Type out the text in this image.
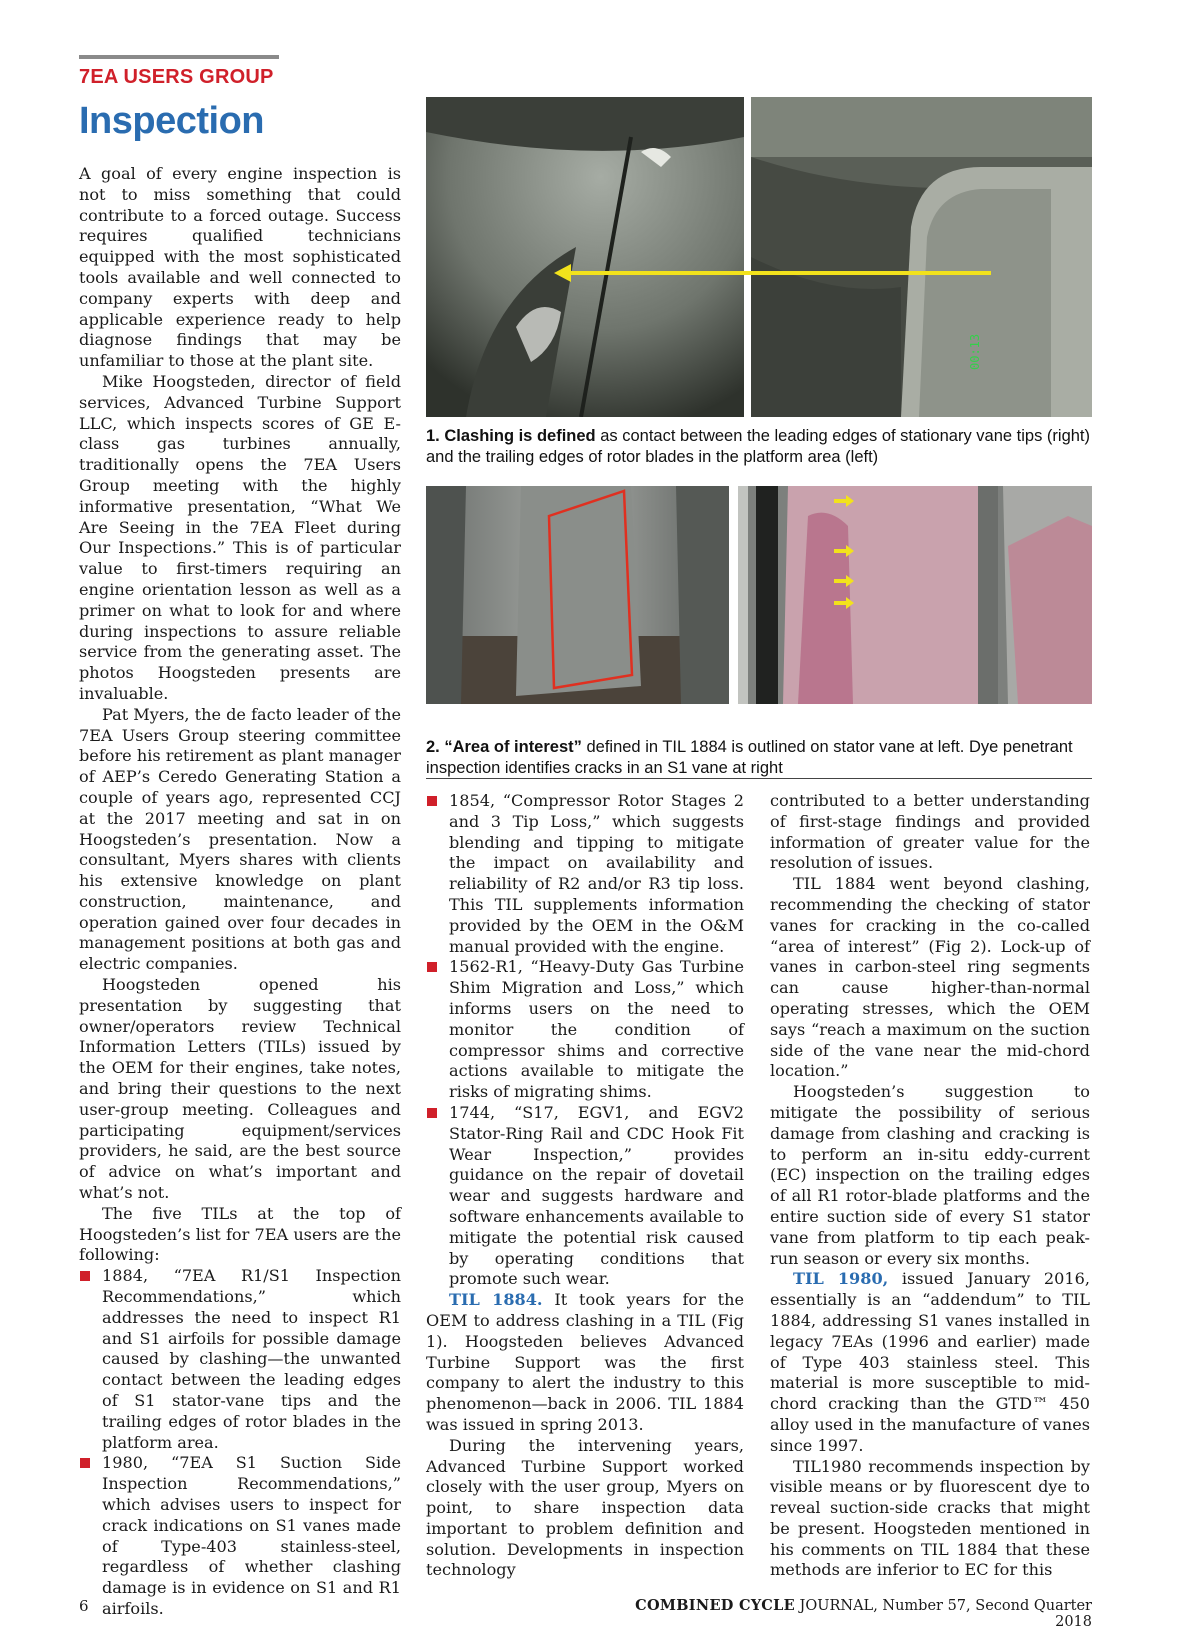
7EA USERS GROUP
Inspection

A goal of every engine inspection is not to miss something that could contribute to a forced outage. Success requires qualified technicians equipped with the most sophisticated tools available and well connected to company experts with deep and applicable experience ready to help diagnose findings that may be unfamiliar to those at the plant site.

Mike Hoogsteden, director of field services, Advanced Turbine Support LLC, which inspects scores of GE E-class gas turbines annually, traditionally opens the 7EA Users Group meeting with the highly informative presentation, “What We Are Seeing in the 7EA Fleet during Our Inspections.” This is of particular value to first-timers requiring an engine orientation lesson as well as a primer on what to look for and where during inspections to assure reliable service from the generating asset. The photos Hoogsteden presents are invaluable.

Pat Myers, the de facto leader of the 7EA Users Group steering committee before his retirement as plant manager of AEP’s Ceredo Generating Station a couple of years ago, represented CCJ at the 2017 meeting and sat in on Hoogsteden’s presentation. Now a consultant, Myers shares with clients his extensive knowledge on plant construction, maintenance, and operation gained over four decades in management positions at both gas and electric companies.

Hoogsteden opened his presentation by suggesting that owner/operators review Technical Information Letters (TILs) issued by the OEM for their engines, take notes, and bring their questions to the next user-group meeting. Colleagues and participating equipment/services providers, he said, are the best source of advice on what’s important and what’s not.

The five TILs at the top of Hoogsteden’s list for 7EA users are the following:

1884, “7EA R1/S1 Inspection Recommendations,” which addresses the need to inspect R1 and S1 airfoils for possible damage caused by clashing—the unwanted contact between the leading edges of S1 stator-vane tips and the trailing edges of rotor blades in the platform area.
1980, “7EA S1 Suction Side Inspection Recommendations,” which advises users to inspect for crack indications on S1 vanes made of Type-403 stainless-steel, regardless of whether clashing damage is in evidence on S1 and R1 airfoils.
00:13
1. Clashing is defined as contact between the leading edges of stationary vane tips (right) and the trailing edges of rotor blades in the platform area (left)
2. “Area of interest” defined in TIL 1884 is outlined on stator vane at left. Dye penetrant inspection identifies cracks in an S1 vane at right
1854, “Compressor Rotor Stages 2 and 3 Tip Loss,” which suggests blending and tipping to mitigate the impact on availability and reliability of R2 and/or R3 tip loss. This TIL supplements information provided by the OEM in the O&M manual provided with the engine.
1562-R1, “Heavy-Duty Gas Turbine Shim Migration and Loss,” which informs users on the need to monitor the condition of compressor shims and corrective actions available to mitigate the risks of migrating shims.
1744, “S17, EGV1, and EGV2 Stator-Ring Rail and CDC Hook Fit Wear Inspection,” provides guidance on the repair of dovetail wear and suggests hardware and software enhancements available to mitigate the potential risk caused by operating conditions that promote such wear.

TIL 1884. It took years for the OEM to address clashing in a TIL (Fig 1). Hoogsteden believes Advanced Turbine Support was the first company to alert the industry to this phenomenon—back in 2006. TIL 1884 was issued in spring 2013.

During the intervening years, Advanced Turbine Support worked closely with the user group, Myers on point, to share inspection data important to problem definition and solution. Developments in inspection technology

contributed to a better understanding of first-stage findings and provided information of greater value for the resolution of issues.

TIL 1884 went beyond clashing, recommending the checking of stator vanes for cracking in the co-called “area of interest” (Fig 2). Lock-up of vanes in carbon-steel ring segments can cause higher-than-normal operating stresses, which the OEM says “reach a maximum on the suction side of the vane near the mid-chord location.”

Hoogsteden’s suggestion to mitigate the possibility of serious damage from clashing and cracking is to perform an in-situ eddy-current (EC) inspection on the trailing edges of all R1 rotor-blade platforms and the entire suction side of every S1 stator vane from platform to tip each peak-run season or every six months.

TIL 1980, issued January 2016, essentially is an “addendum” to TIL 1884, addressing S1 vanes installed in legacy 7EAs (1996 and earlier) made of Type 403 stainless steel. This material is more susceptible to mid-chord cracking than the GTD™ 450 alloy used in the manufacture of vanes since 1997.

TIL1980 recommends inspection by visible means or by fluorescent dye to reveal suction-side cracks that might be present. Hoogsteden mentioned in his comments on TIL 1884 that these methods are inferior to EC for this

6	COMBINED CYCLE JOURNAL, Number 57, Second Quarter 2018
